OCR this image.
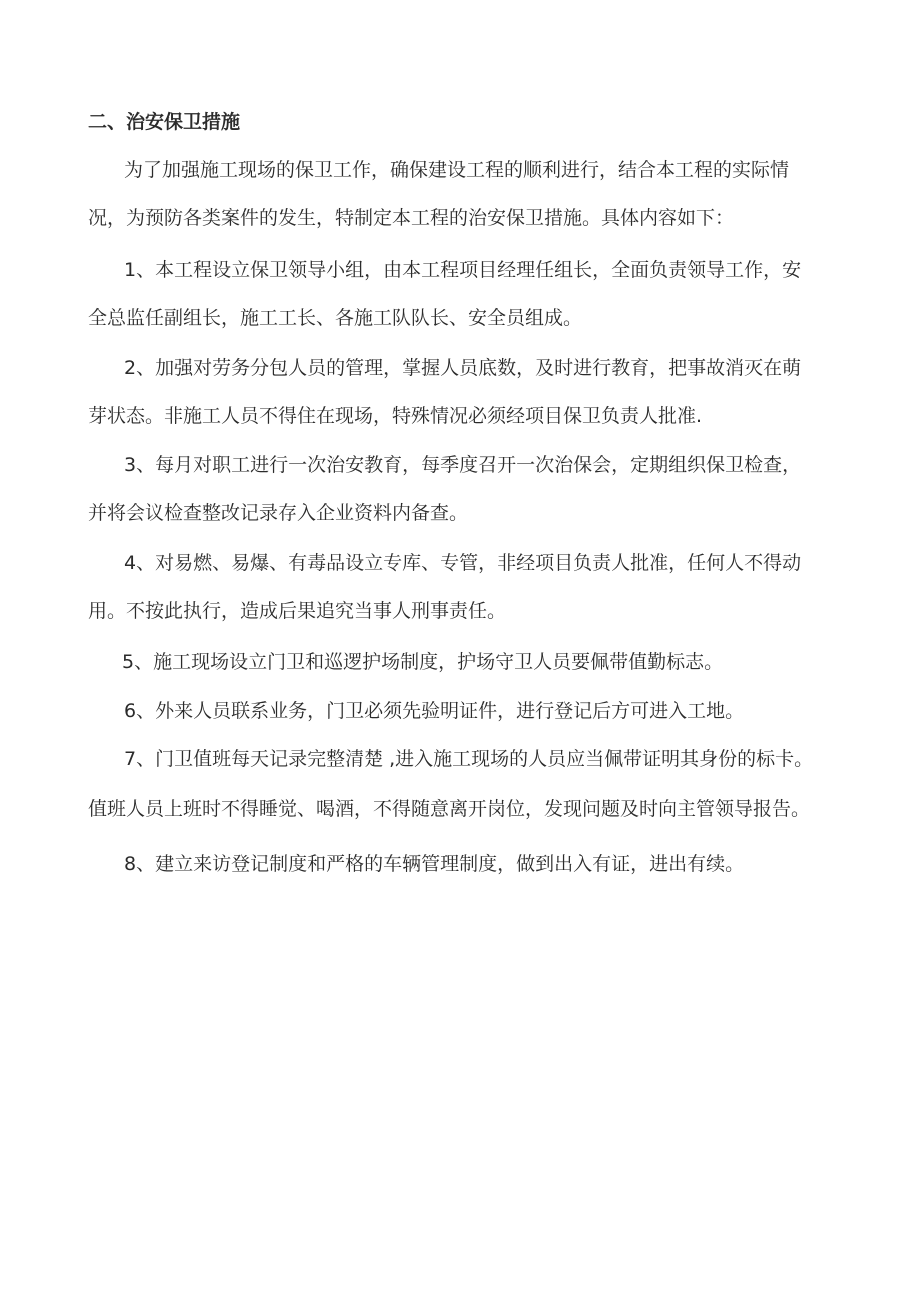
二、治安保卫措施
为了加强施工现场的保卫工作，确保建设工程的顺利进行，结合本工程的实际情
况，为预防各类案件的发生，特制定本工程的治安保卫措施。具体内容如下：
1、本工程设立保卫领导小组，由本工程项目经理任组长，全面负责领导工作，安
全总监任副组长，施工工长、各施工队队长、安全员组成。
2、加强对劳务分包人员的管理，掌握人员底数，及时进行教育，把事故消灭在萌
芽状态。非施工人员不得住在现场，特殊情况必须经项目保卫负责人批准.
3、每月对职工进行一次治安教育，每季度召开一次治保会，定期组织保卫检查，
并将会议检查整改记录存入企业资料内备查。
4、对易燃、易爆、有毒品设立专库、专管，非经项目负责人批准，任何人不得动
用。不按此执行，造成后果追究当事人刑事责任。
5、施工现场设立门卫和巡逻护场制度，护场守卫人员要佩带值勤标志。
6、外来人员联系业务，门卫必须先验明证件，进行登记后方可进入工地。
7、门卫值班每天记录完整清楚 ,进入施工现场的人员应当佩带证明其身份的标卡。
值班人员上班时不得睡觉、喝酒，不得随意离开岗位，发现问题及时向主管领导报告。
8、建立来访登记制度和严格的车辆管理制度，做到出入有证，进出有续。
